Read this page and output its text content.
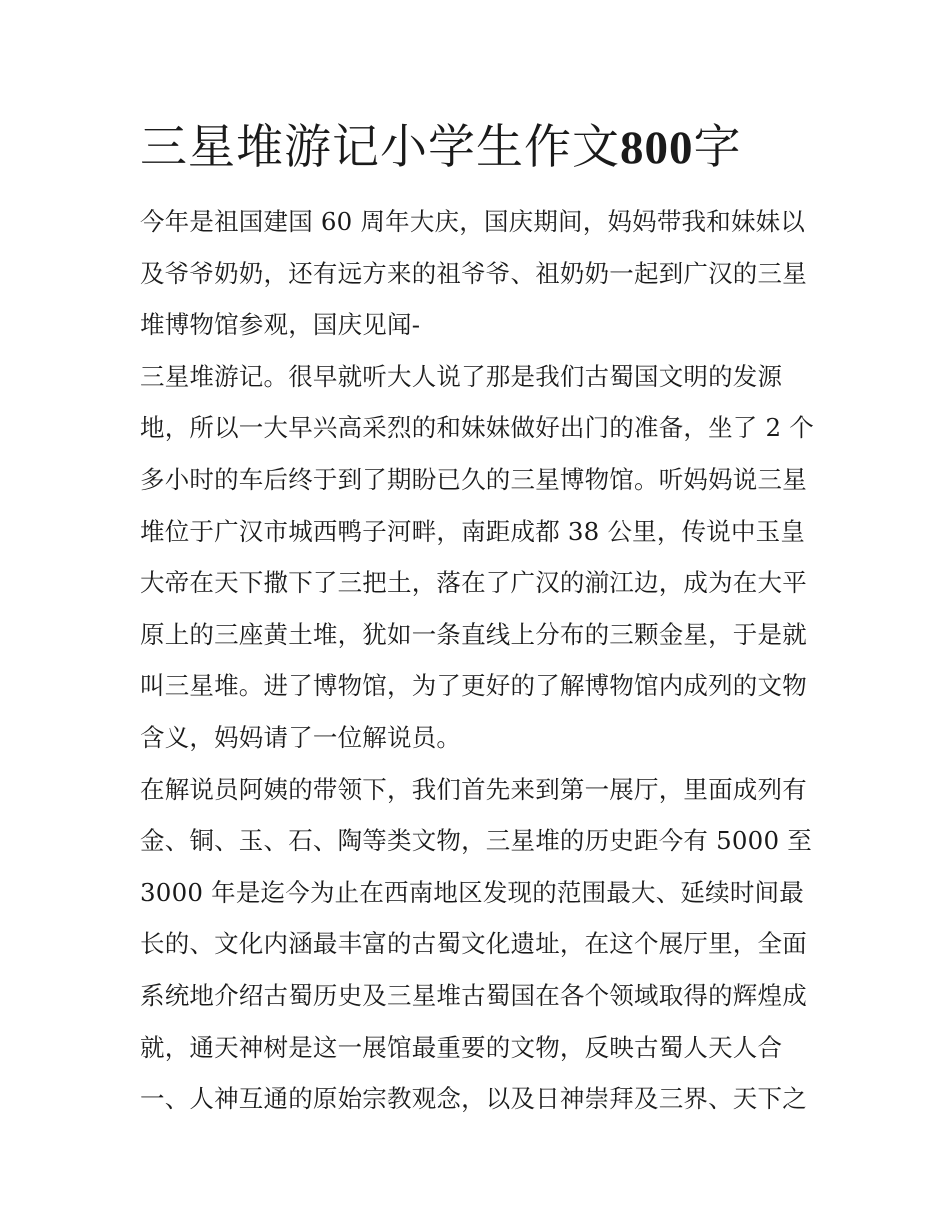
三星堆游记小学生作文800字
今年是祖国建国 60 周年大庆，国庆期间，妈妈带我和妹妹以
及爷爷奶奶，还有远方来的祖爷爷、祖奶奶一起到广汉的三星
堆博物馆参观，国庆见闻-
三星堆游记。很早就听大人说了那是我们古蜀国文明的发源
地，所以一大早兴高采烈的和妹妹做好出门的准备，坐了 2 个
多小时的车后终于到了期盼已久的三星博物馆。听妈妈说三星
堆位于广汉市城西鸭子河畔，南距成都 38 公里，传说中玉皇
大帝在天下撒下了三把土，落在了广汉的湔江边，成为在大平
原上的三座黄土堆，犹如一条直线上分布的三颗金星，于是就
叫三星堆。进了博物馆，为了更好的了解博物馆内成列的文物
含义，妈妈请了一位解说员。
在解说员阿姨的带领下，我们首先来到第一展厅，里面成列有
金、铜、玉、石、陶等类文物，三星堆的历史距今有 5000 至
3000 年是迄今为止在西南地区发现的范围最大、延续时间最
长的、文化内涵最丰富的古蜀文化遗址，在这个展厅里，全面
系统地介绍古蜀历史及三星堆古蜀国在各个领域取得的辉煌成
就，通天神树是这一展馆最重要的文物，反映古蜀人天人合
一、人神互通的原始宗教观念，以及日神崇拜及三界、天下之
